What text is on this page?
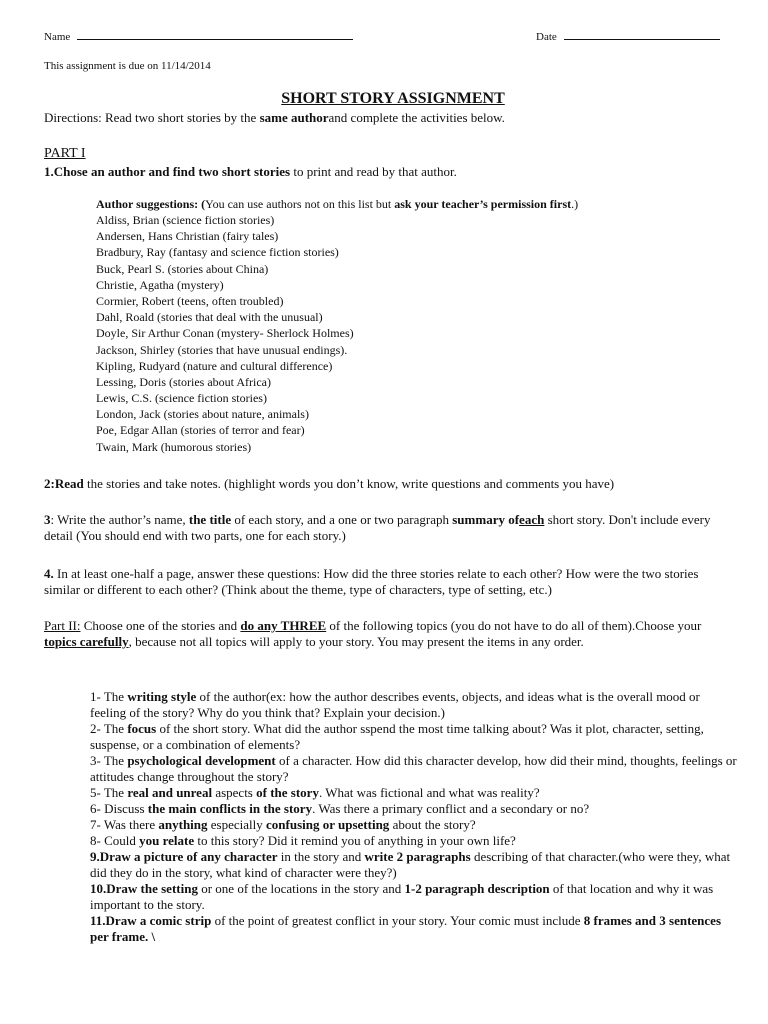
Name	Date
This assignment is due on 11/14/2014
SHORT STORY ASSIGNMENT
Directions: Read two short stories by the same authorand complete the activities below.
PART I
1.Chose an author and find two short stories to print and read by that author.
Author suggestions: (You can use authors not on this list but ask your teacher’s permission first.)
Aldiss, Brian (science fiction stories)
Andersen, Hans Christian (fairy tales)
Bradbury, Ray (fantasy and science fiction stories)
Buck, Pearl S. (stories about China)
Christie, Agatha (mystery)
Cormier, Robert (teens, often troubled)
Dahl, Roald (stories that deal with the unusual)
Doyle, Sir Arthur Conan (mystery- Sherlock Holmes)
Jackson, Shirley (stories that have unusual endings).
Kipling, Rudyard (nature and cultural difference)
Lessing, Doris (stories about Africa)
Lewis, C.S. (science fiction stories)
London, Jack (stories about nature, animals)
Poe, Edgar Allan (stories of terror and fear)
Twain, Mark (humorous stories)
2:Read the stories and take notes. (highlight words you don’t know, write questions and comments you have)
3: Write the author’s name, the title of each story, and a one or two paragraph summary ofeach short story. Don't include every detail (You should end with two parts, one for each story.)
4. In at least one-half a page, answer these questions: How did the three stories relate to each other? How were the two stories similar or different to each other? (Think about the theme, type of characters, type of setting, etc.)
Part II: Choose one of the stories and do any THREE of the following topics (you do not have to do all of them).Choose your topics carefully, because not all topics will apply to your story. You may present the items in any order.
1- The writing style of the author(ex: how the author describes events, objects, and ideas what is the overall mood or feeling of the story? Why do you think that? Explain your decision.)
2- The focus of the short story. What did the author sspend the most time talking about? Was it plot, character, setting, suspense, or a combination of elements?
3- The psychological development of a character. How did this character develop, how did their mind, thoughts, feelings or attitudes change throughout the story?
5- The real and unreal aspects of the story. What was fictional and what was reality?
6- Discuss the main conflicts in the story. Was there a primary conflict and a secondary or no?
7- Was there anything especially confusing or upsetting about the story?
8- Could you relate to this story? Did it remind you of anything in your own life?
9.Draw a picture of any character in the story and write 2 paragraphs describing of that character.(who were they, what did they do in the story, what kind of character were they?)
10.Draw the setting or one of the locations in the story and 1-2 paragraph description of that location and why it was important to the story.
11.Draw a comic strip of the point of greatest conflict in your story. Your comic must include 8 frames and 3 sentences per frame. \
